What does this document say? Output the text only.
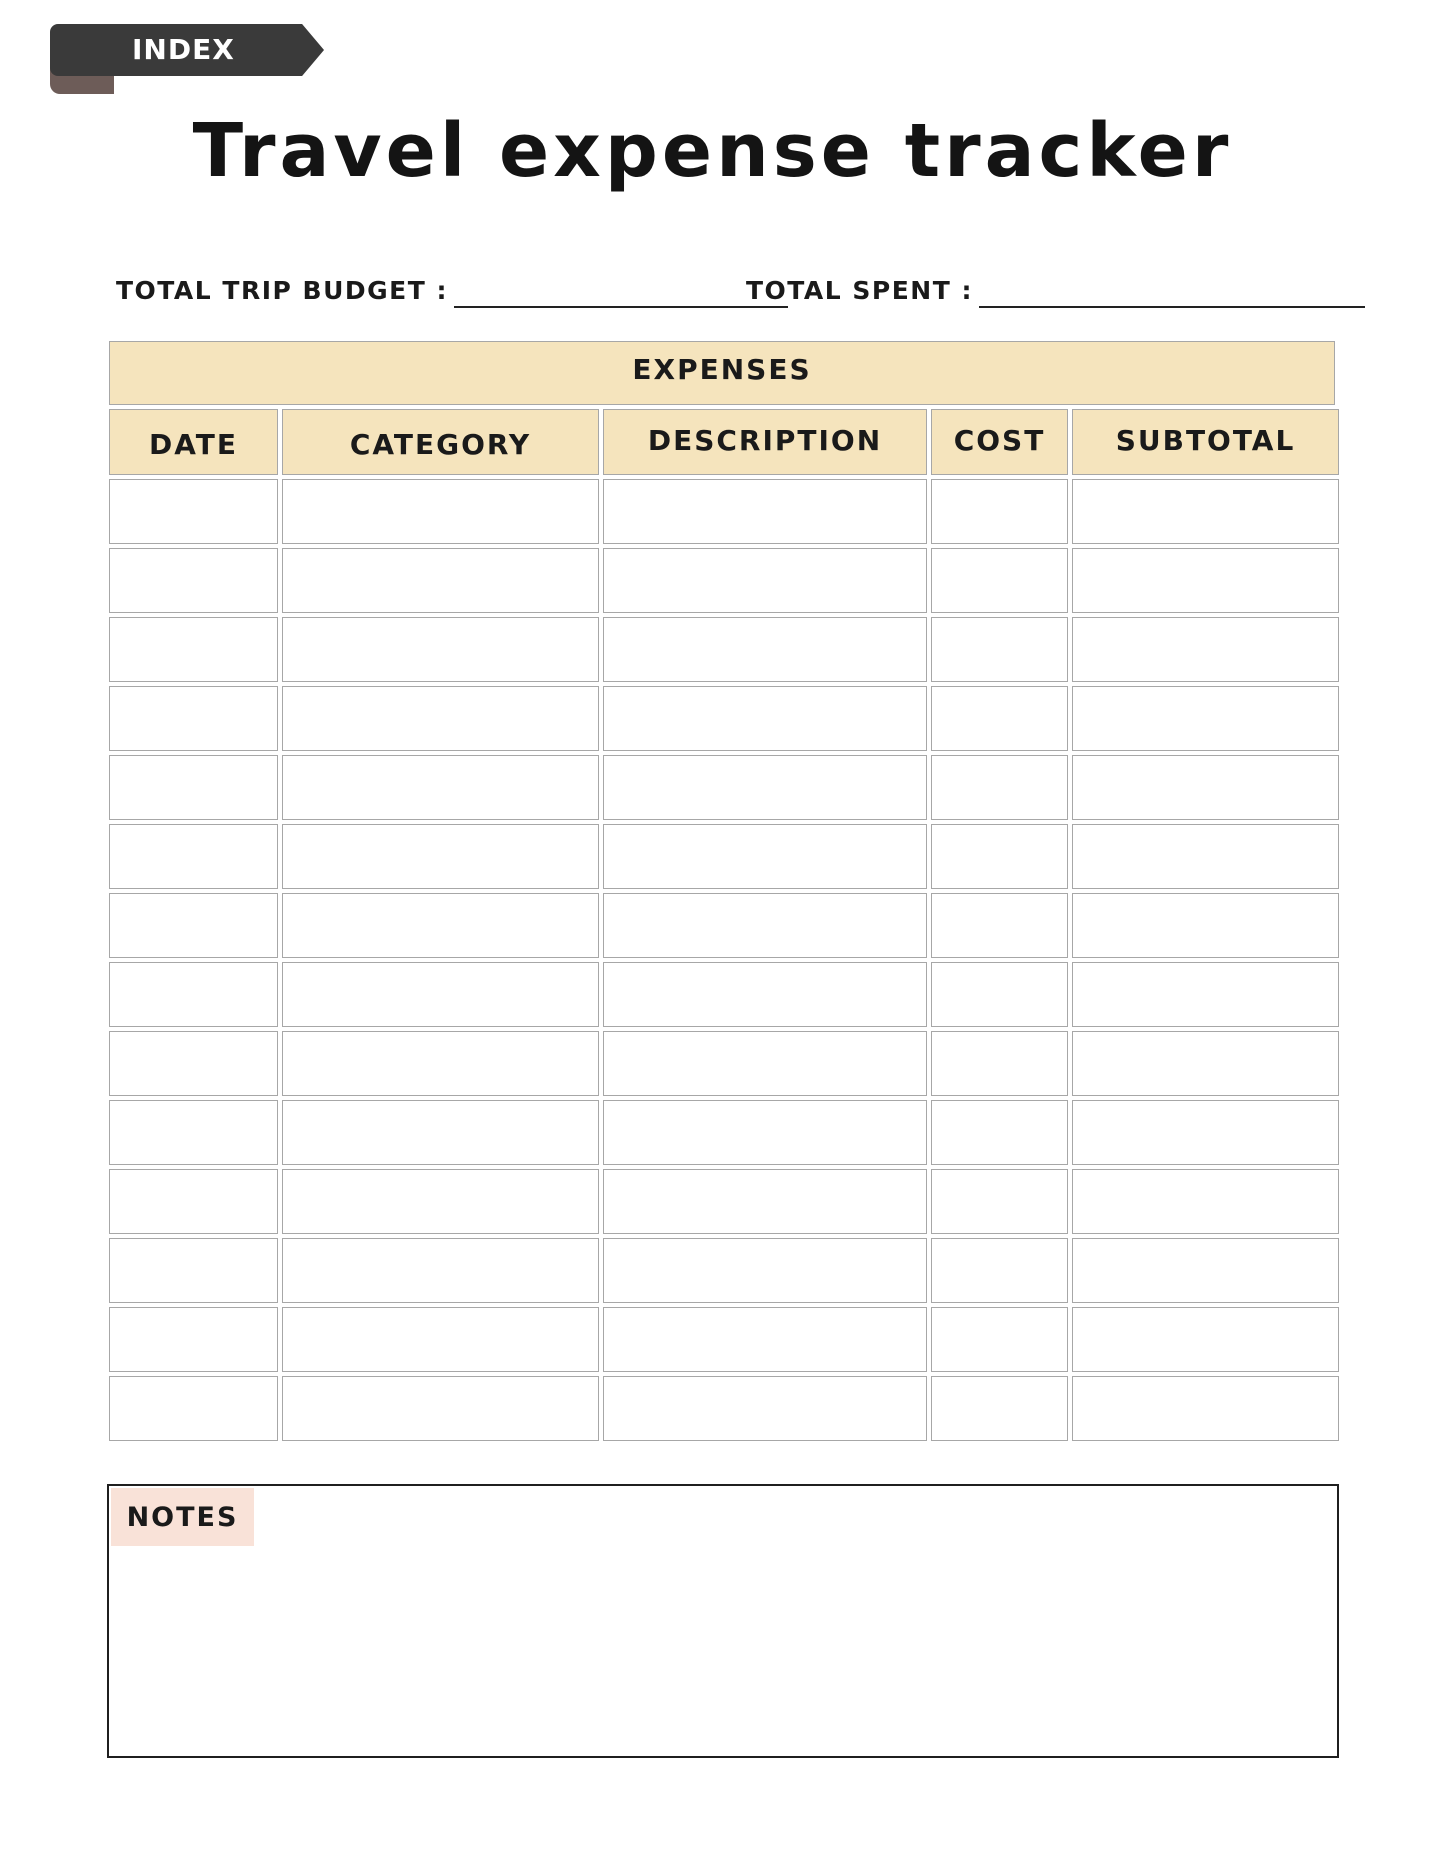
INDEX
Travel expense tracker
TOTAL TRIP BUDGET :	TOTAL SPENT :
EXPENSES
DATE	CATEGORY	DESCRIPTION	COST	SUBTOTAL
NOTES
